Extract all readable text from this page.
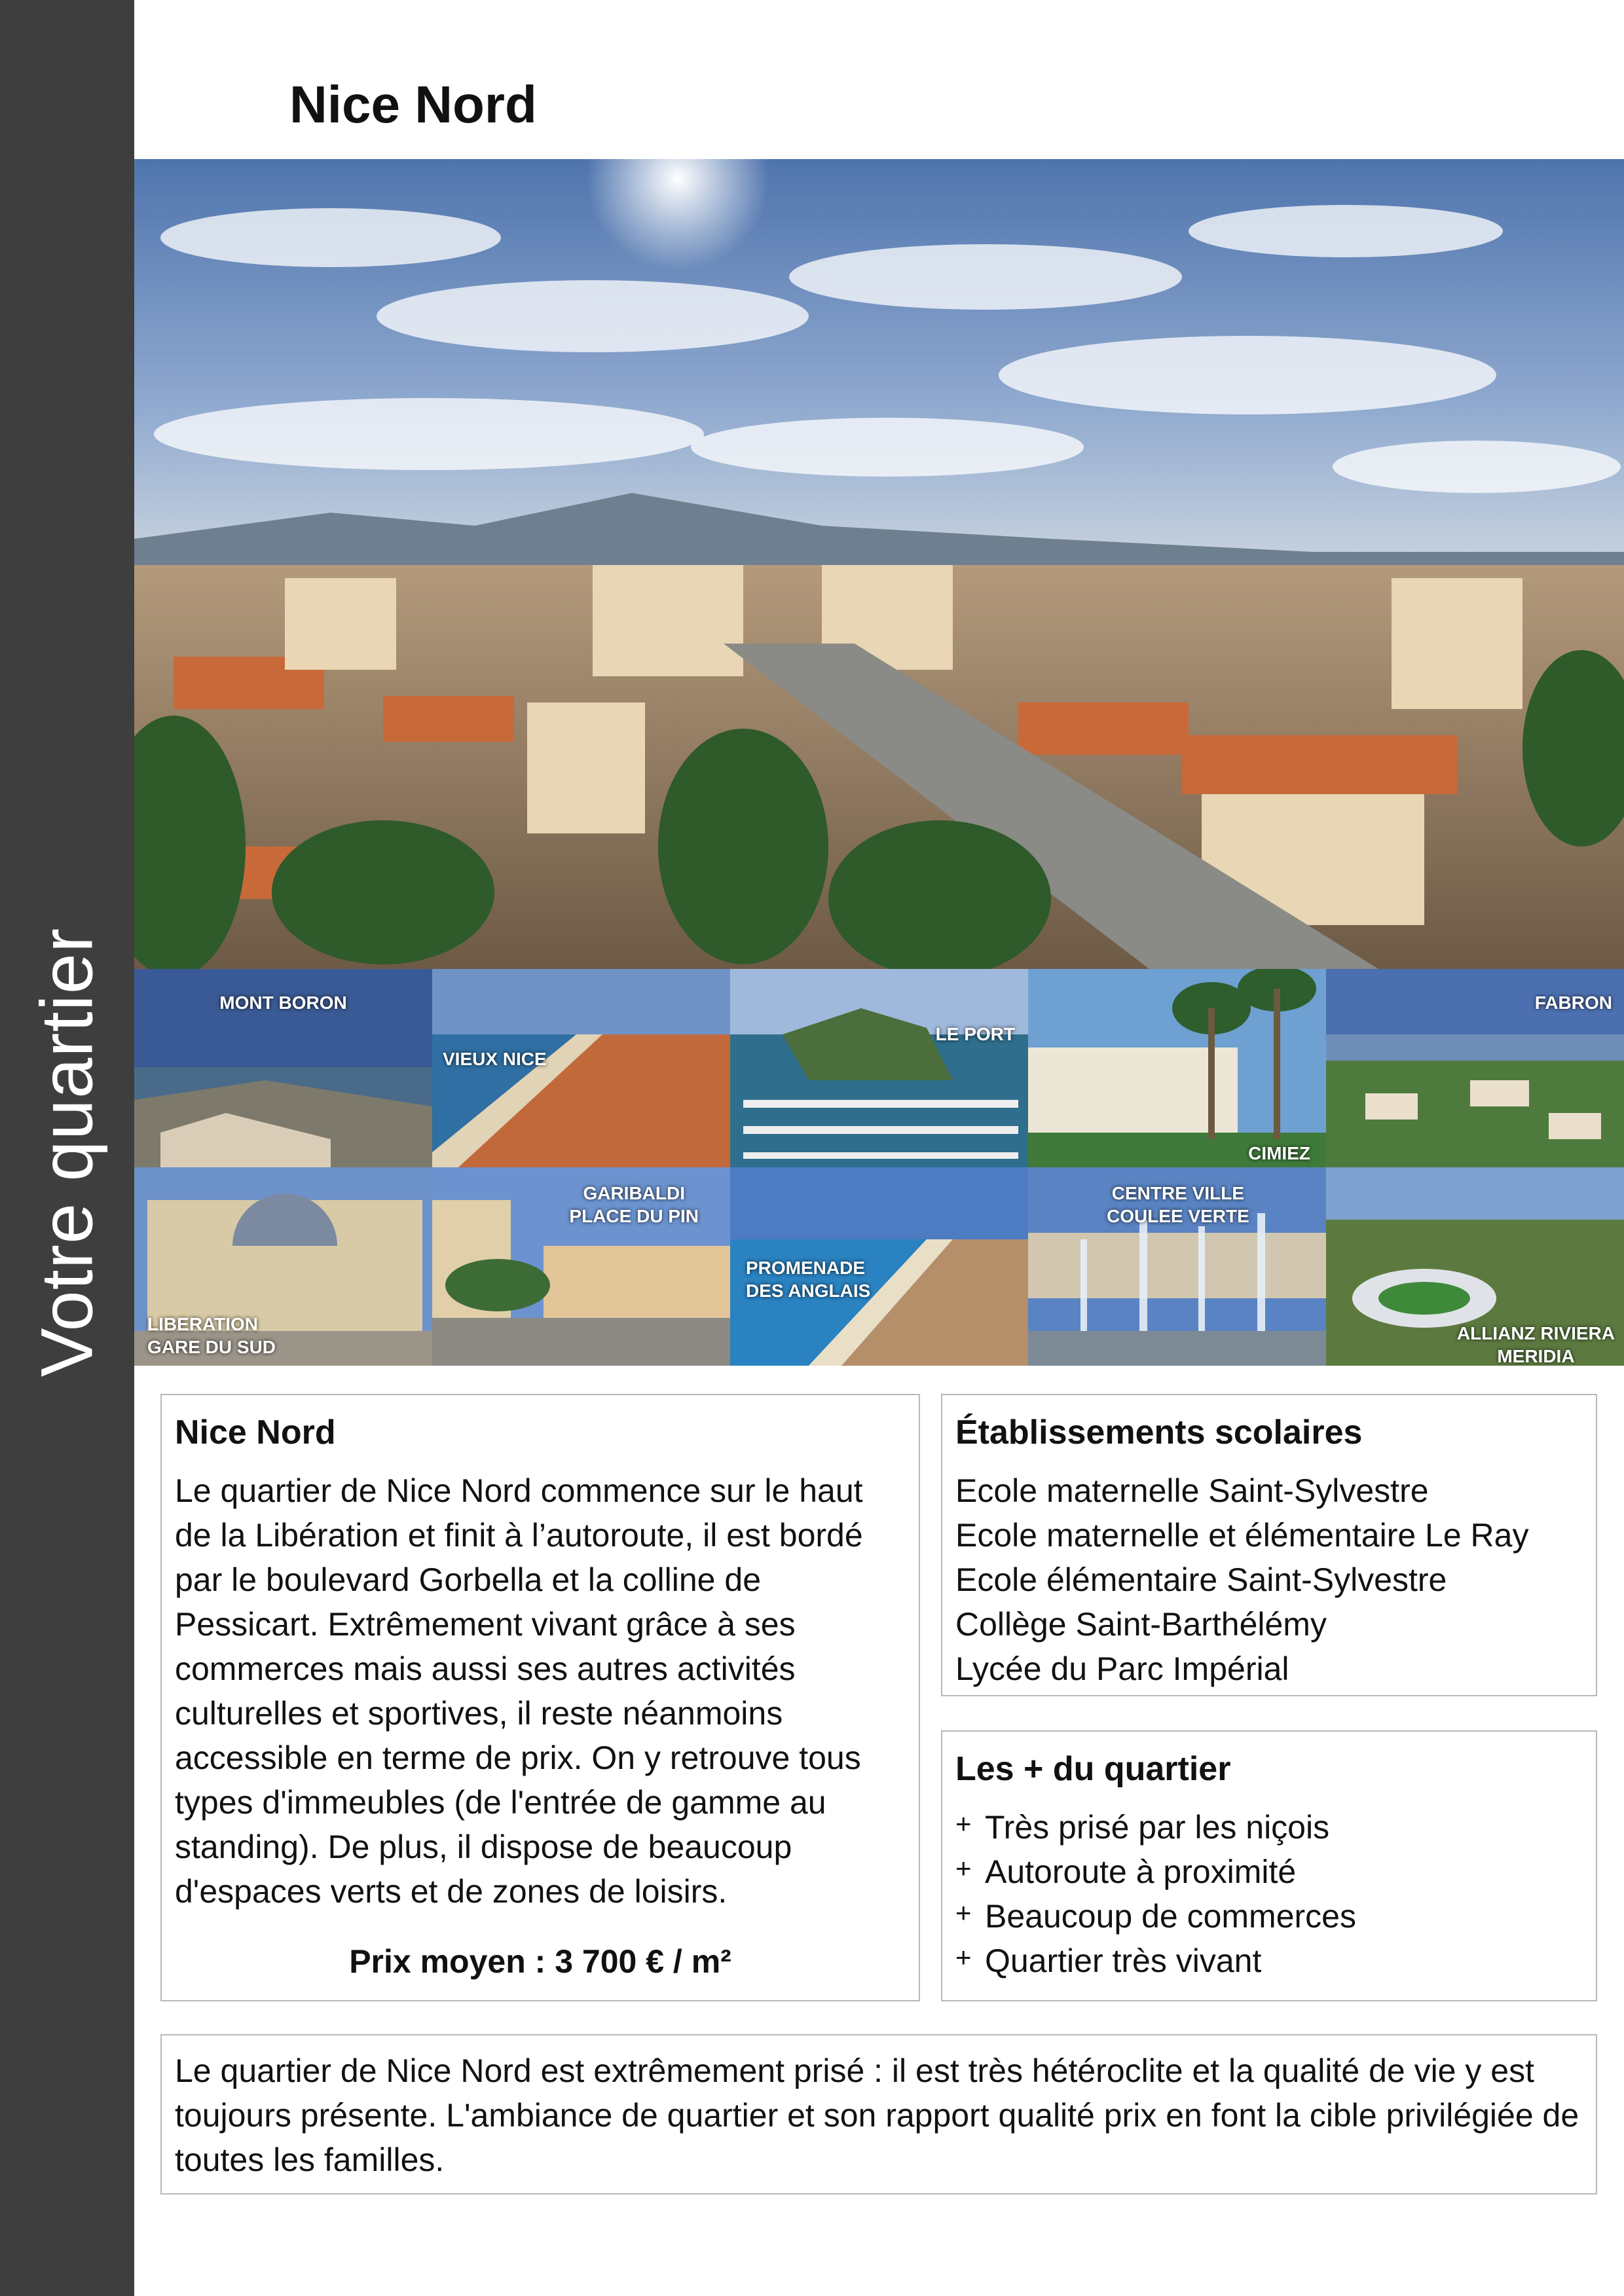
Votre quartier
Nice Nord
MONT BORON
VIEUX NICE
LE PORT
CIMIEZ
FABRON
LIBERATION
GARE DU SUD
GARIBALDI
PLACE DU PIN
PROMENADE
DES ANGLAIS
CENTRE VILLE
COULEE VERTE
ALLIANZ RIVIERA
MERIDIA
Nice Nord

Le quartier de Nice Nord commence sur le haut de la Libération et finit à l’autoroute, il est bordé par le boulevard Gorbella et la colline de Pessicart. Extrêmement vivant grâce à ses commerces mais aussi ses autres activités culturelles et sportives, il reste néanmoins accessible en terme de prix. On y retrouve tous types d'immeubles (de l'entrée de gamme au standing). De plus, il dispose de beaucoup d'espaces verts et de zones de loisirs.

Prix moyen : 3 700 € / m²
Établissements scolaires
Ecole maternelle Saint-Sylvestre
Ecole maternelle et élémentaire Le Ray
Ecole élémentaire Saint-Sylvestre
Collège Saint-Barthélémy
Lycée du Parc Impérial
Les + du quartier
+ Très prisé par les niçois
+ Autoroute à proximité
+ Beaucoup de commerces
+ Quartier très vivant

Le quartier de Nice Nord est extrêmement prisé : il est très hétéroclite et la qualité de vie y est toujours présente. L'ambiance de quartier et son rapport qualité prix en font la cible privilégiée de toutes les familles.
